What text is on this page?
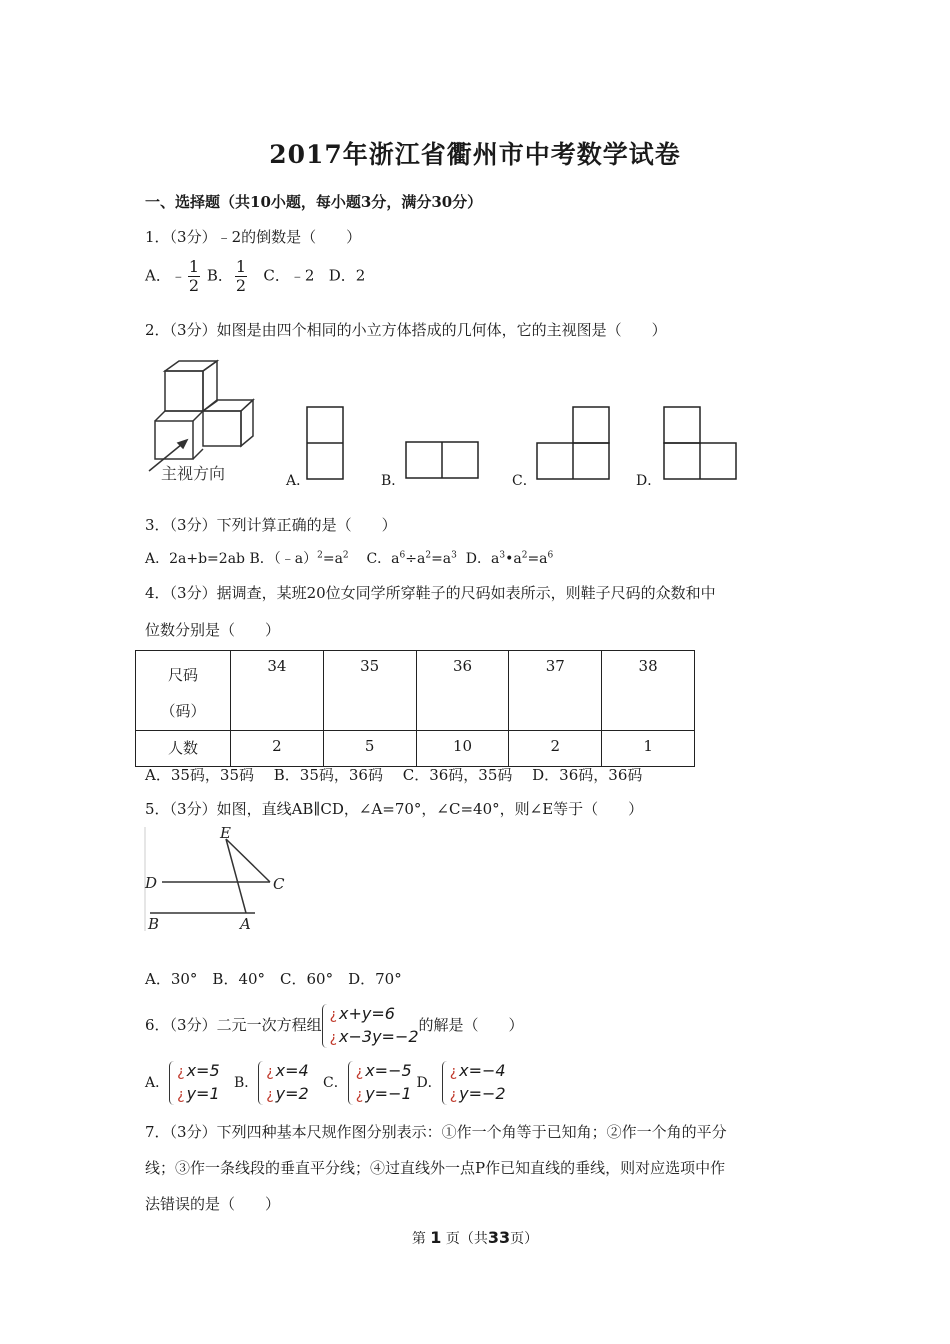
2017年浙江省衢州市中考数学试卷
一、选择题（共10小题，每小题3分，满分30分）
1．（3分）﹣2的倒数是（　　）
A．﹣ $\frac{1}{2}$ B． $\frac{1}{2}$ C．﹣2 D．2
2．（3分）如图是由四个相同的小立方体搭成的几何体，它的主视图是（　　）
主视方向	A．	B．	C．	D．
3．（3分）下列计算正确的是（　　）
A．2a+b=2ab B．$(﹣a)^2=a^2$ C．$a^6\div a^2=a^3$ D．$a^3•a^2=a^6$
4．（3分）据调查，某班20位女同学所穿鞋子的尺码如表所示，则鞋子尺码的众数和中
位数分别是（　　）
尺码
（码）	34	35	36	37	38
人数	2	5	10	2	1
A．35码，35码　 B．35码，36码　 C．36码，35码　 D．36码，36码
5．（3分）如图，直线AB∥CD，∠A=70°，∠C=40°，则∠E等于（　　）
E
D	C
B	A
A．30°　B．40°　C．60°　D．70°
6．（3分）二元一次方程组
¿ x+y=6
¿ x−3y=−2的解是（　　）
A．
¿ x=5
¿ y=1   B．
¿ x=4
¿ y=2   C．
¿ x=−5
¿ y=−1 D．
¿ x=−4
¿ y=−2
7．（3分）下列四种基本尺规作图分别表示：①作一个角等于已知角；②作一个角的平分
线；③作一条线段的垂直平分线；④过直线外一点P作已知直线的垂线，则对应选项中作
法错误的是（　　）
第 1 页（共33页）
